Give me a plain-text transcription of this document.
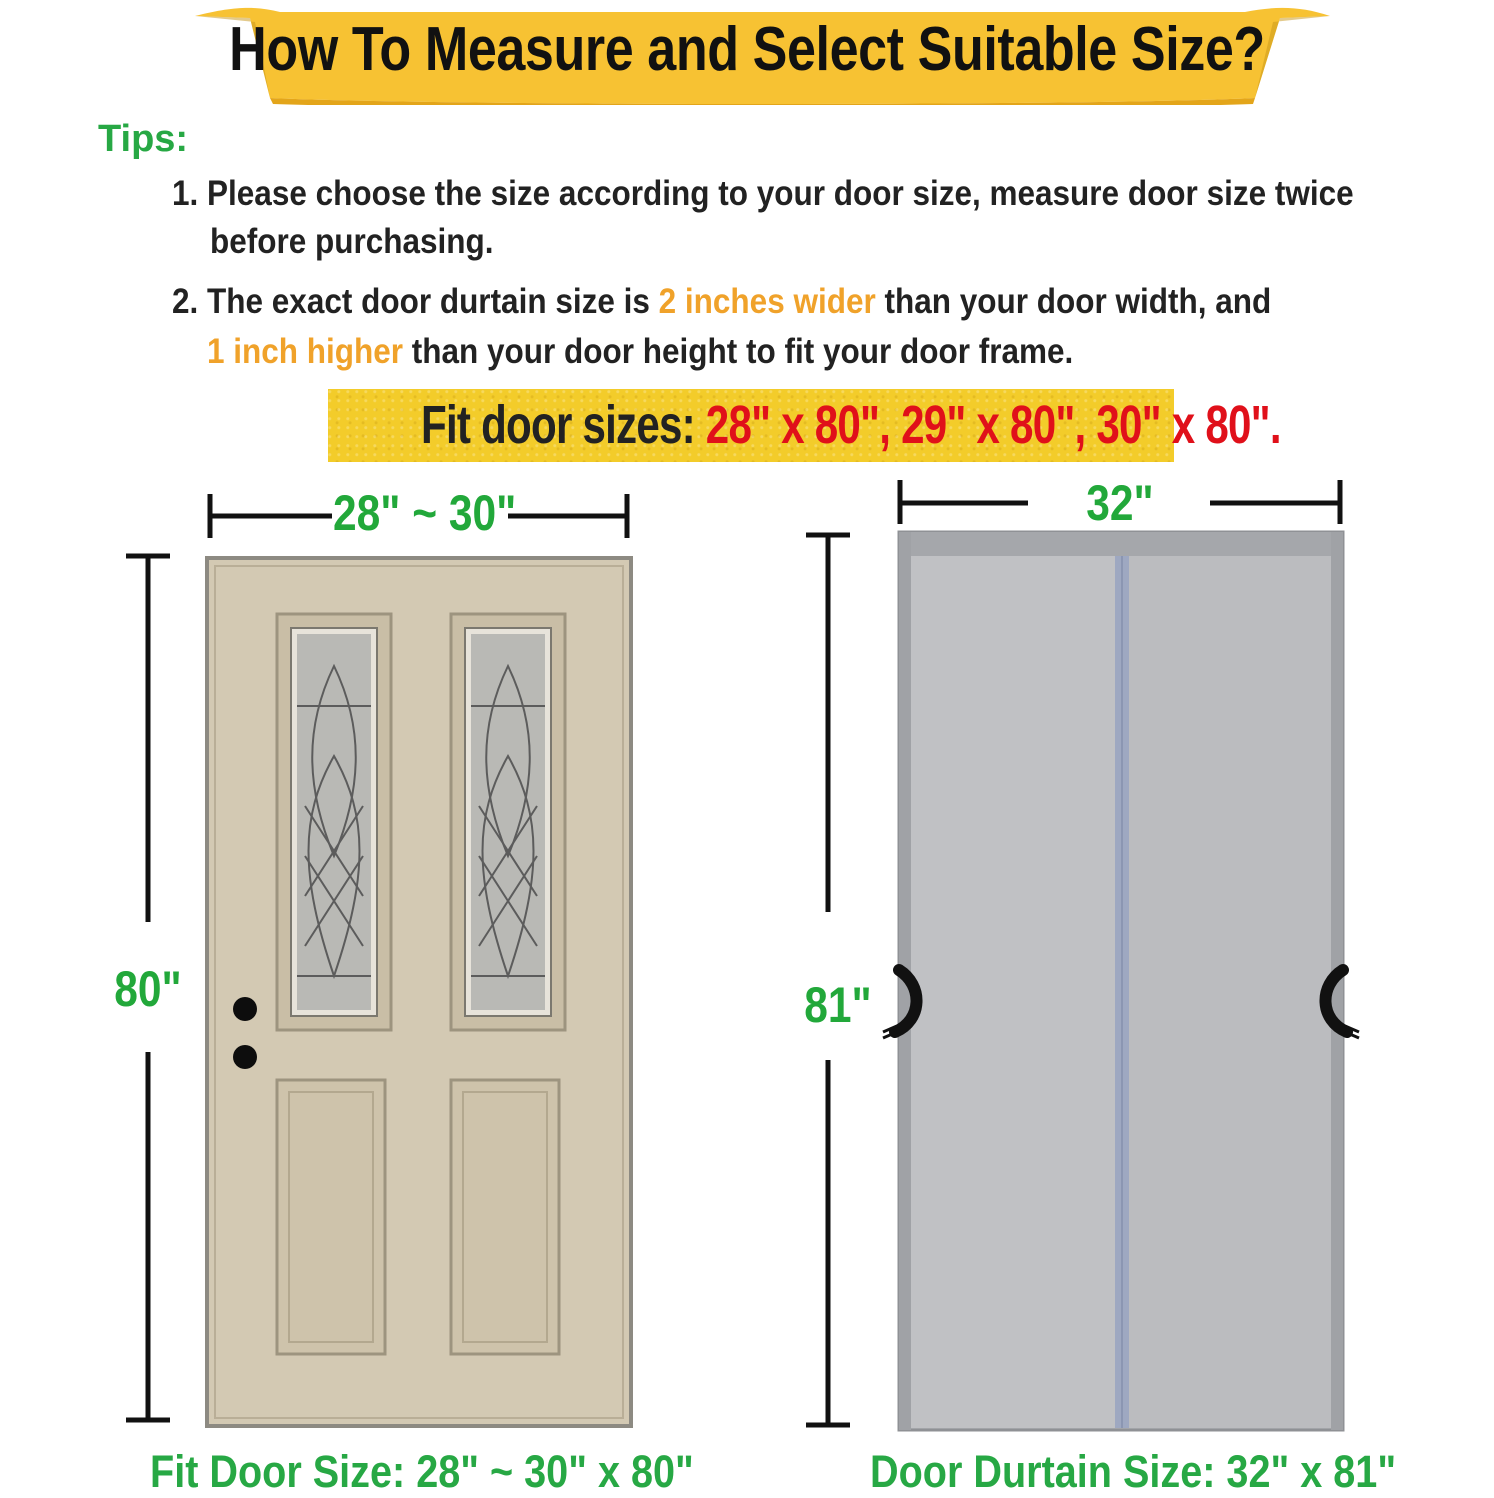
How To Measure and Select Suitable Size?
Tips:
1. Please choose the size according to your door size, measure door size twice
before purchasing.
2. The exact door durtain size is 2 inches wider than your door width, and
1 inch higher than your door height to fit your door frame.
Fit door sizes: 28" x 80", 29" x 80", 30" x 80".
28" ~ 30"
80"
32"
81"
Fit Door Size: 28" ~ 30" x 80"	Door Durtain Size: 32" x 81"
